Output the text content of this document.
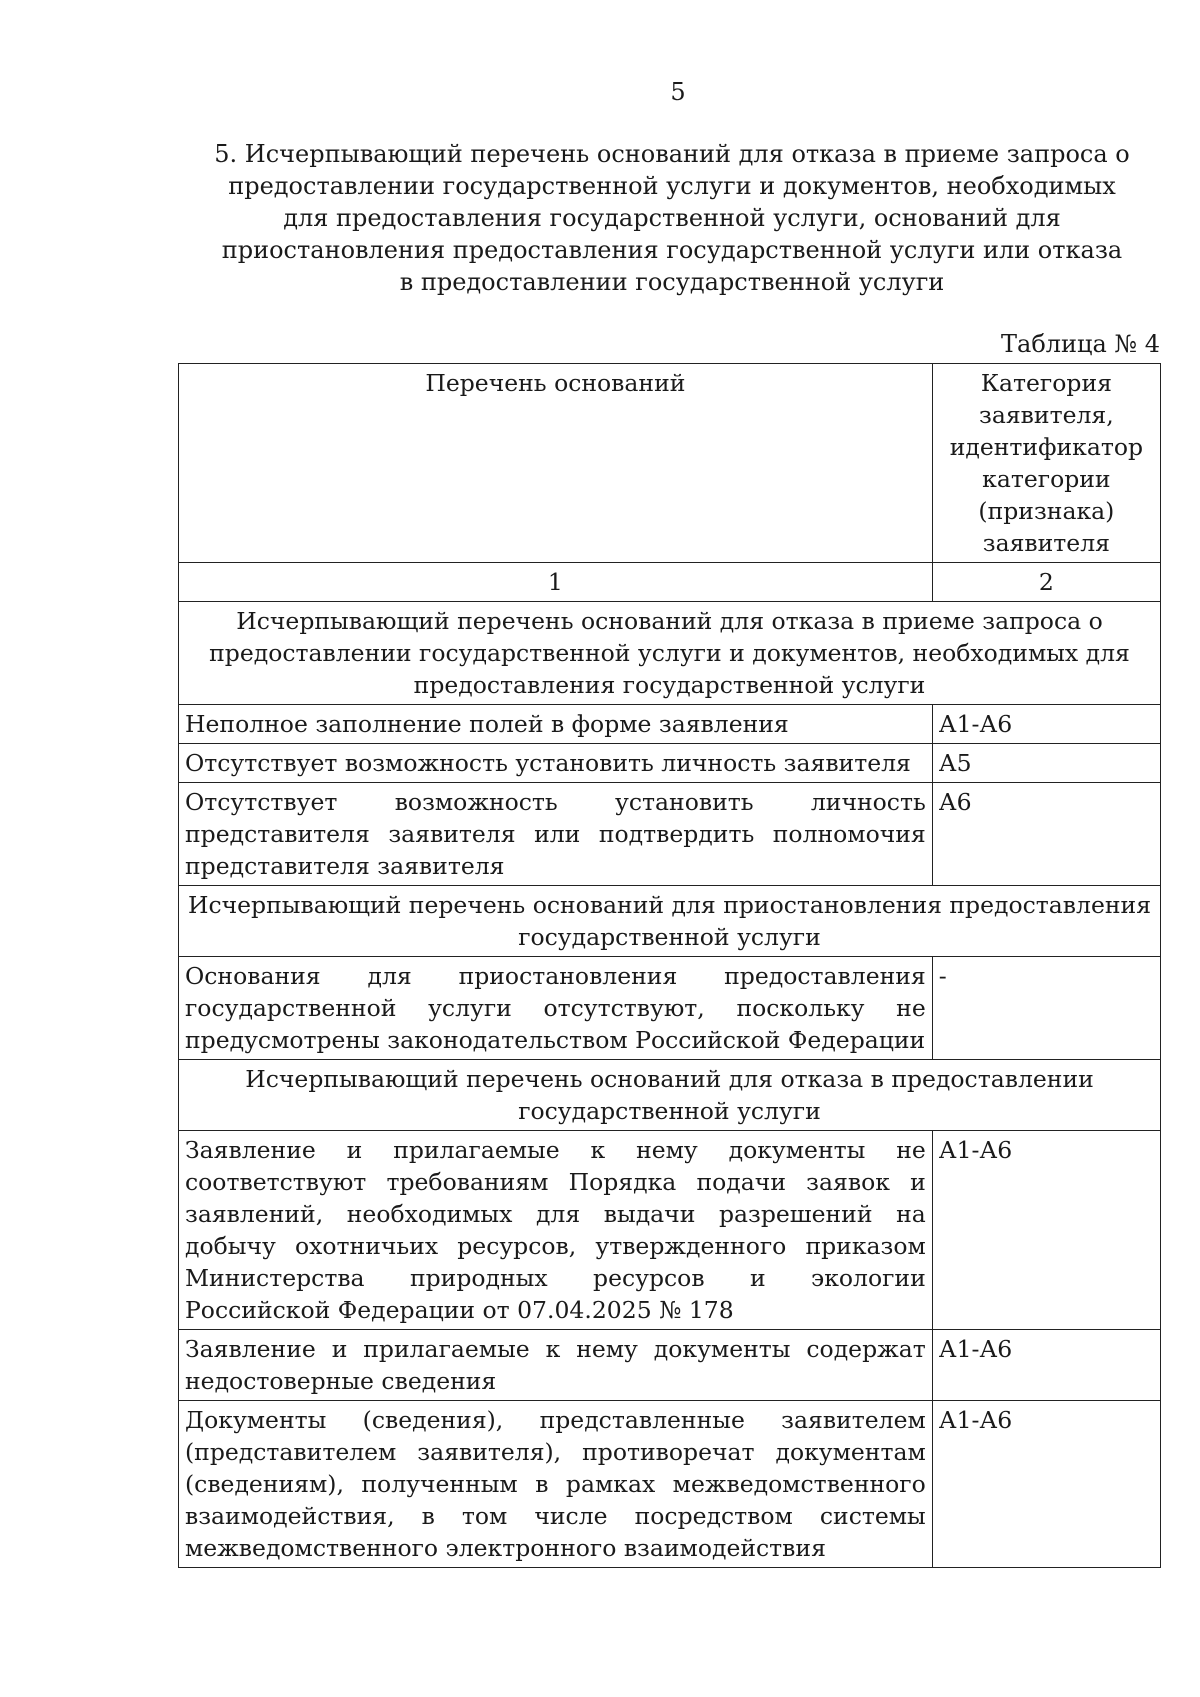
5
5. Исчерпывающий перечень оснований для отказа в приеме запроса о предоставлении государственной услуги и документов, необходимых для предоставления государственной услуги, оснований для приостановления предоставления государственной услуги или отказа в предоставлении государственной услуги
Таблица № 4
Перечень оснований	Категория заявителя, идентификатор категории (признака) заявителя
1	2
Исчерпывающий перечень оснований для отказа в приеме запроса о предоставлении государственной услуги и документов, необходимых для предоставления государственной услуги	
Неполное заполнение полей в форме заявления	А1-А6
Отсутствует возможность установить личность заявителя	А5
Отсутствует возможность установить личность представителя заявителя или подтвердить полномочия представителя заявителя	А6
Исчерпывающий перечень оснований для приостановления предоставления государственной услуги	
Основания для приостановления предоставления государственной услуги отсутствуют, поскольку не предусмотрены законодательством Российской Федерации	-
Исчерпывающий перечень оснований для отказа в предоставлении государственной услуги	
Заявление и прилагаемые к нему документы не соответствуют требованиям Порядка подачи заявок и заявлений, необходимых для выдачи разрешений на добычу охотничьих ресурсов, утвержденного приказом Министерства природных ресурсов и экологии Российской Федерации от 07.04.2025 № 178	А1-А6
Заявление и прилагаемые к нему документы содержат недостоверные сведения	А1-А6
Документы (сведения), представленные заявителем (представителем заявителя), противоречат документам (сведениям), полученным в рамках межведомственного взаимодействия, в том числе посредством системы межведомственного электронного взаимодействия	А1-А6
